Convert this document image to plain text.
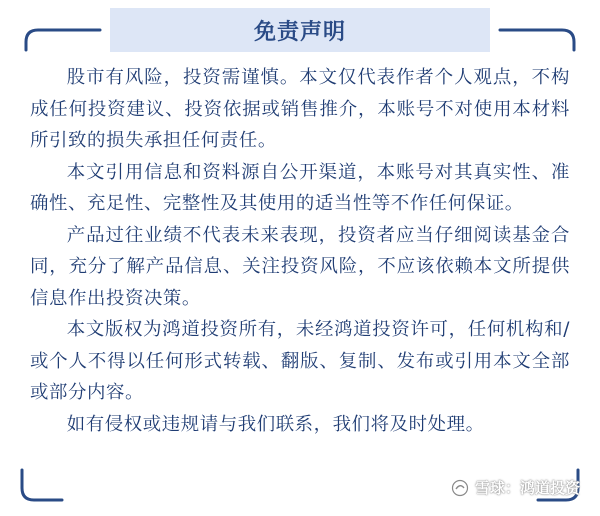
免责声明

股市有风险，投资需谨慎。本文仅代表作者个人观点，不构成任何投资建议、投资依据或销售推介，本账号不对使用本材料所引致的损失承担任何责任。

本文引用信息和资料源自公开渠道，本账号对其真实性、准确性、充足性、完整性及其使用的适当性等不作任何保证。

产品过往业绩不代表未来表现，投资者应当仔细阅读基金合同，充分了解产品信息、关注投资风险，不应该依赖本文所提供信息作出投资决策。

本文版权为鸿道投资所有，未经鸿道投资许可，任何机构和/或个人不得以任何形式转载、翻版、复制、发布或引用本文全部或部分内容。

如有侵权或违规请与我们联系，我们将及时处理。

雪球：鸿道投资
